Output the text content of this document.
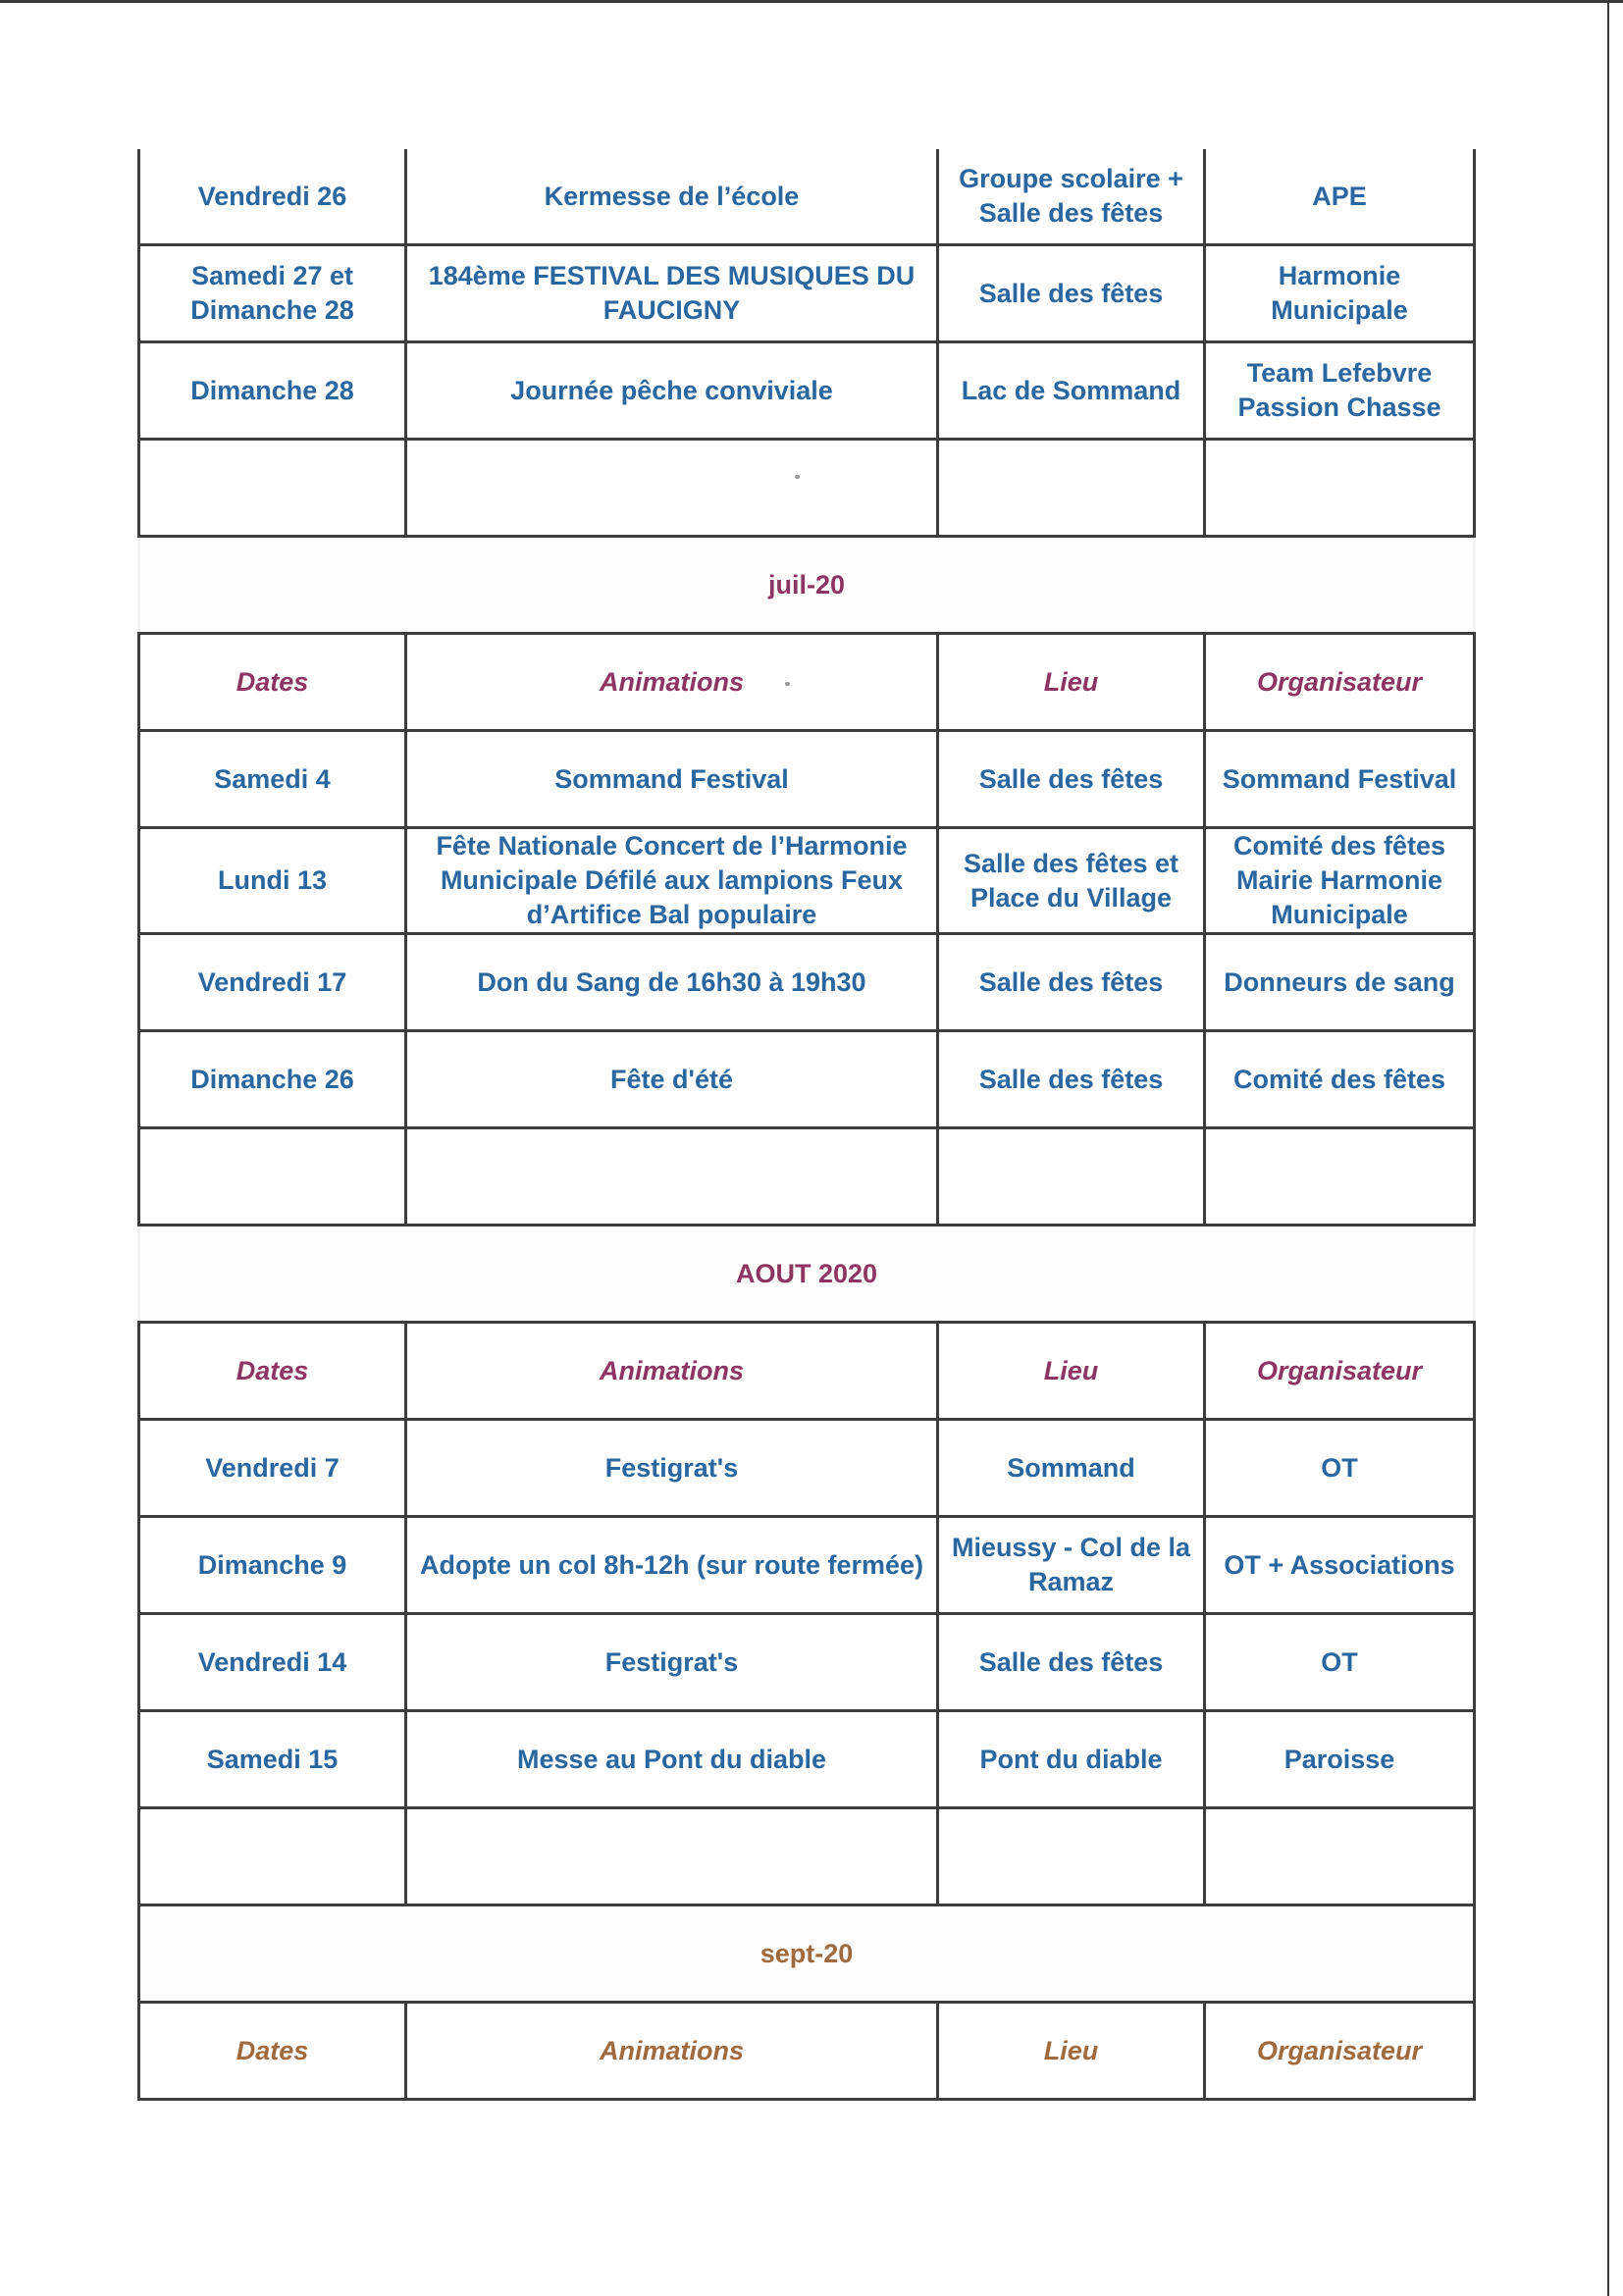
Vendredi 26	Kermesse de l’école	Groupe scolaire + Salle des fêtes	APE
Samedi 27 et Dimanche 28	184ème FESTIVAL DES MUSIQUES DU FAUCIGNY	Salle des fêtes	Harmonie Municipale
Dimanche 28	Journée pêche conviviale	Lac de Sommand	Team Lefebvre Passion Chasse

juil-20			
Dates	Animations	Lieu	Organisateur
Samedi 4	Sommand Festival	Salle des fêtes	Sommand Festival
Lundi 13	Fête Nationale Concert de l’Harmonie Municipale Défilé aux lampions Feux d’Artifice Bal populaire	Salle des fêtes et Place du Village	Comité des fêtes Mairie Harmonie Municipale
Vendredi 17	Don du Sang de 16h30 à 19h30	Salle des fêtes	Donneurs de sang
Dimanche 26	Fête d'été	Salle des fêtes	Comité des fêtes

AOUT 2020			
Dates	Animations	Lieu	Organisateur
Vendredi 7	Festigrat's	Sommand	OT
Dimanche 9	Adopte un col 8h-12h (sur route fermée)	Mieussy - Col de la Ramaz	OT + Associations
Vendredi 14	Festigrat's	Salle des fêtes	OT
Samedi 15	Messe au Pont du diable	Pont du diable	Paroisse

sept-20			
Dates	Animations	Lieu	Organisateur
